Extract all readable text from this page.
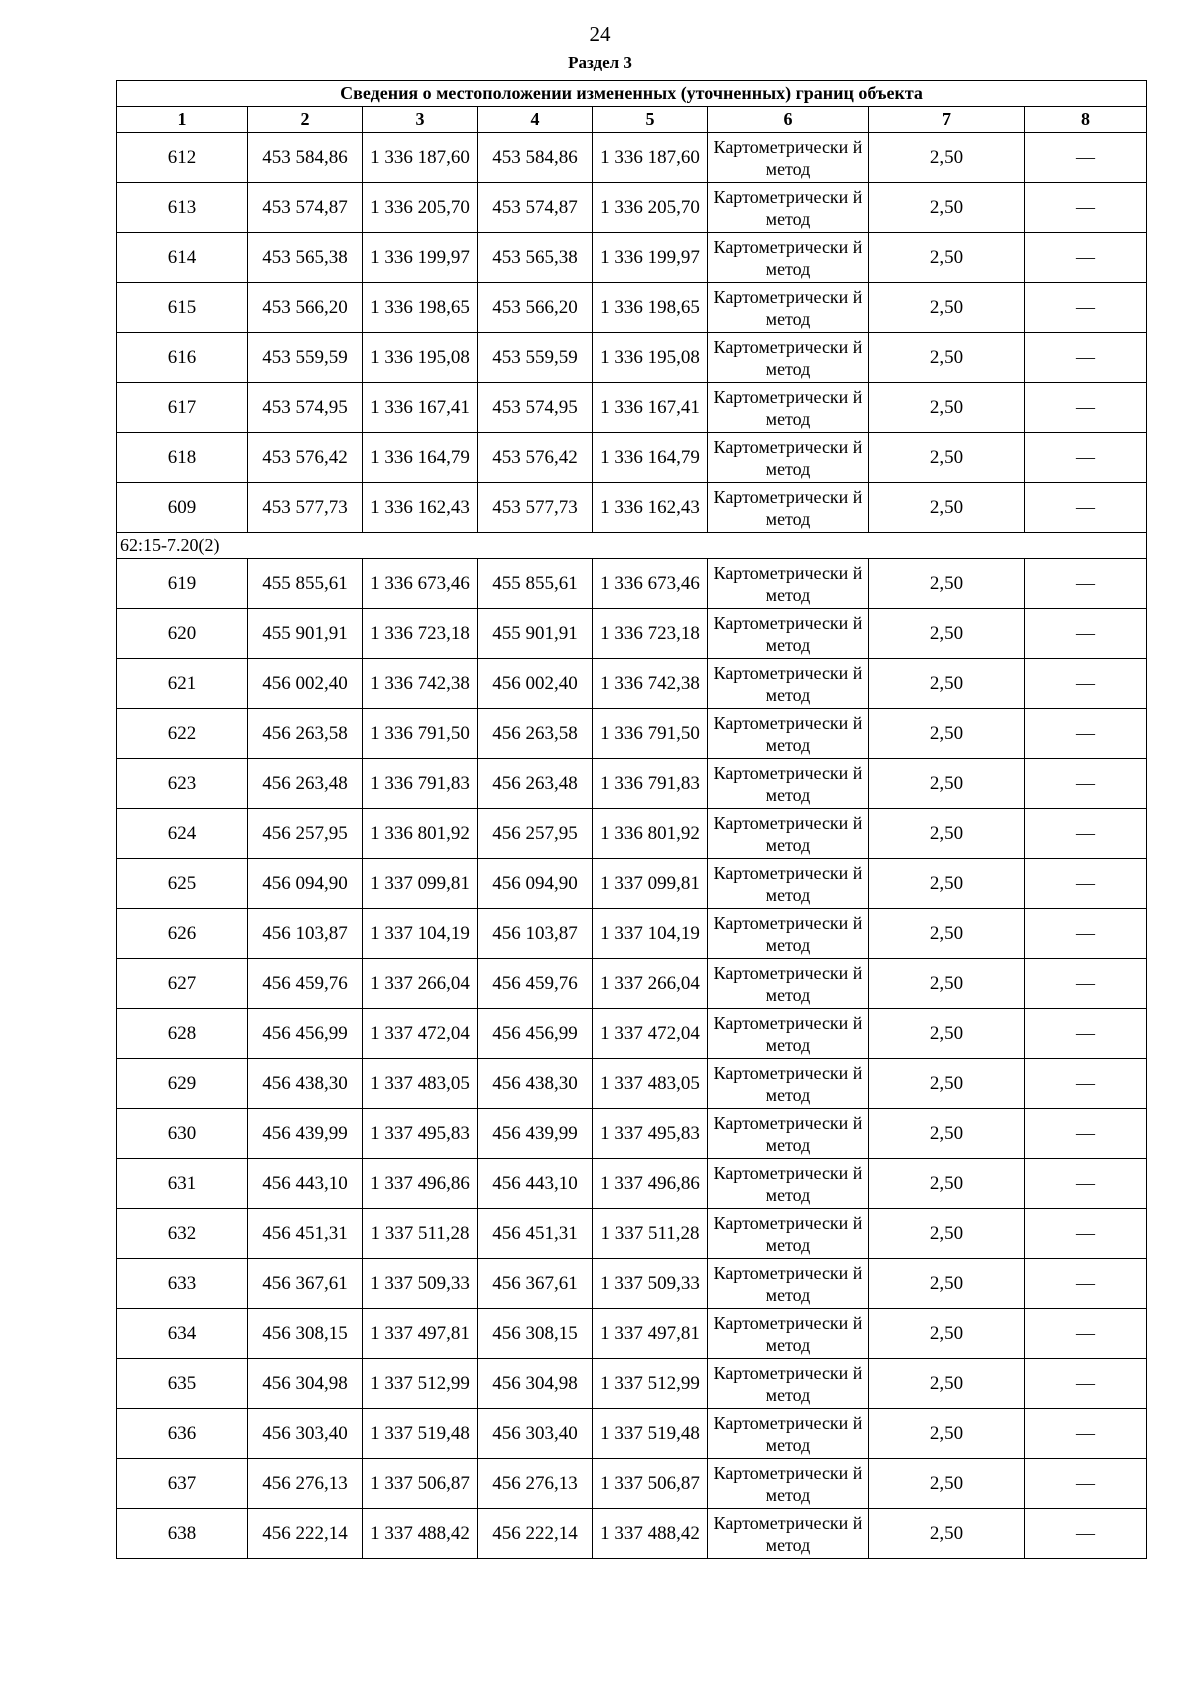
24
Раздел 3
Сведения о местоположении измененных (уточненных) границ объекта							
1	2	3	4	5	6	7	8
612	453 584,86	1 336 187,60	453 584,86	1 336 187,60	Картометрически й метод	2,50	—
613	453 574,87	1 336 205,70	453 574,87	1 336 205,70	Картометрически й метод	2,50	—
614	453 565,38	1 336 199,97	453 565,38	1 336 199,97	Картометрически й метод	2,50	—
615	453 566,20	1 336 198,65	453 566,20	1 336 198,65	Картометрически й метод	2,50	—
616	453 559,59	1 336 195,08	453 559,59	1 336 195,08	Картометрически й метод	2,50	—
617	453 574,95	1 336 167,41	453 574,95	1 336 167,41	Картометрически й метод	2,50	—
618	453 576,42	1 336 164,79	453 576,42	1 336 164,79	Картометрически й метод	2,50	—
609	453 577,73	1 336 162,43	453 577,73	1 336 162,43	Картометрически й метод	2,50	—
62:15-7.20(2)							
619	455 855,61	1 336 673,46	455 855,61	1 336 673,46	Картометрически й метод	2,50	—
620	455 901,91	1 336 723,18	455 901,91	1 336 723,18	Картометрически й метод	2,50	—
621	456 002,40	1 336 742,38	456 002,40	1 336 742,38	Картометрически й метод	2,50	—
622	456 263,58	1 336 791,50	456 263,58	1 336 791,50	Картометрически й метод	2,50	—
623	456 263,48	1 336 791,83	456 263,48	1 336 791,83	Картометрически й метод	2,50	—
624	456 257,95	1 336 801,92	456 257,95	1 336 801,92	Картометрически й метод	2,50	—
625	456 094,90	1 337 099,81	456 094,90	1 337 099,81	Картометрически й метод	2,50	—
626	456 103,87	1 337 104,19	456 103,87	1 337 104,19	Картометрически й метод	2,50	—
627	456 459,76	1 337 266,04	456 459,76	1 337 266,04	Картометрически й метод	2,50	—
628	456 456,99	1 337 472,04	456 456,99	1 337 472,04	Картометрически й метод	2,50	—
629	456 438,30	1 337 483,05	456 438,30	1 337 483,05	Картометрически й метод	2,50	—
630	456 439,99	1 337 495,83	456 439,99	1 337 495,83	Картометрически й метод	2,50	—
631	456 443,10	1 337 496,86	456 443,10	1 337 496,86	Картометрически й метод	2,50	—
632	456 451,31	1 337 511,28	456 451,31	1 337 511,28	Картометрически й метод	2,50	—
633	456 367,61	1 337 509,33	456 367,61	1 337 509,33	Картометрически й метод	2,50	—
634	456 308,15	1 337 497,81	456 308,15	1 337 497,81	Картометрически й метод	2,50	—
635	456 304,98	1 337 512,99	456 304,98	1 337 512,99	Картометрически й метод	2,50	—
636	456 303,40	1 337 519,48	456 303,40	1 337 519,48	Картометрически й метод	2,50	—
637	456 276,13	1 337 506,87	456 276,13	1 337 506,87	Картометрически й метод	2,50	—
638	456 222,14	1 337 488,42	456 222,14	1 337 488,42	Картометрически й метод	2,50	—
